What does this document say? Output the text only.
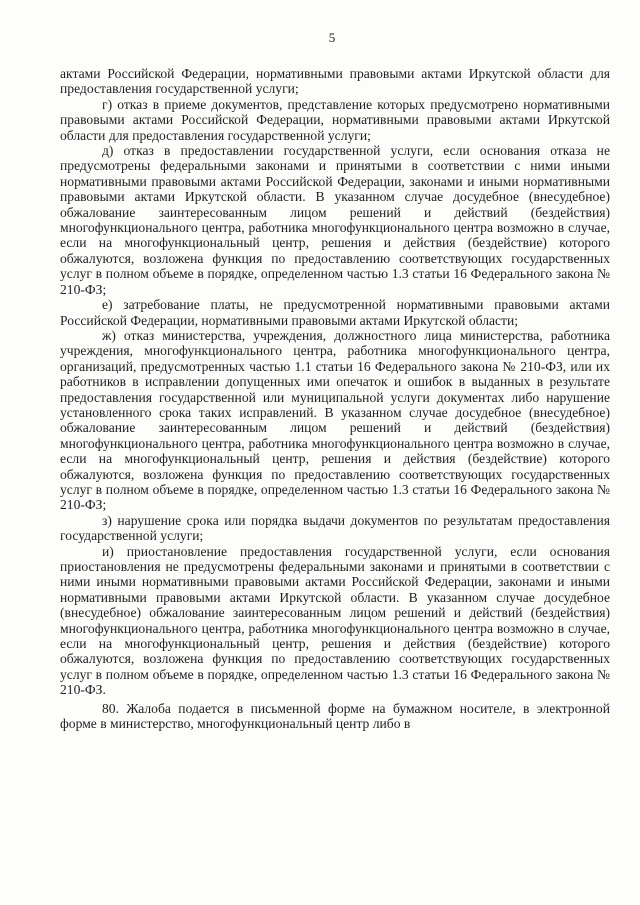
5

актами Российской Федерации, нормативными правовыми актами Иркутской области для предоставления государственной услуги;

г) отказ в приеме документов, представление которых предусмотрено нормативными правовыми актами Российской Федерации, нормативными правовыми актами Иркутской области для предоставления государственной услуги;

д) отказ в предоставлении государственной услуги, если основания отказа не предусмотрены федеральными законами и принятыми в соответствии с ними иными нормативными правовыми актами Российской Федерации, законами и иными нормативными правовыми актами Иркутской области. В указанном случае досудебное (внесудебное) обжалование заинтересованным лицом решений и действий (бездействия) многофункционального центра, работника многофункционального центра возможно в случае, если на многофункциональный центр, решения и действия (бездействие) которого обжалуются, возложена функция по предоставлению соответствующих государственных услуг в полном объеме в порядке, определенном частью 1.3 статьи 16 Федерального закона № 210-ФЗ;

е) затребование платы, не предусмотренной нормативными правовыми актами Российской Федерации, нормативными правовыми актами Иркутской области;

ж) отказ министерства, учреждения, должностного лица министерства, работника учреждения, многофункционального центра, работника многофункционального центра, организаций, предусмотренных частью 1.1 статьи 16 Федерального закона № 210-ФЗ, или их работников в исправлении допущенных ими опечаток и ошибок в выданных в результате предоставления государственной или муниципальной услуги документах либо нарушение установленного срока таких исправлений. В указанном случае досудебное (внесудебное) обжалование заинтересованным лицом решений и действий (бездействия) многофункционального центра, работника многофункционального центра возможно в случае, если на многофункциональный центр, решения и действия (бездействие) которого обжалуются, возложена функция по предоставлению соответствующих государственных услуг в полном объеме в порядке, определенном частью 1.3 статьи 16 Федерального закона № 210-ФЗ;

з) нарушение срока или порядка выдачи документов по результатам предоставления государственной услуги;

и) приостановление предоставления государственной услуги, если основания приостановления не предусмотрены федеральными законами и принятыми в соответствии с ними иными нормативными правовыми актами Российской Федерации, законами и иными нормативными правовыми актами Иркутской области. В указанном случае досудебное (внесудебное) обжалование заинтересованным лицом решений и действий (бездействия) многофункционального центра, работника многофункционального центра возможно в случае, если на многофункциональный центр, решения и действия (бездействие) которого обжалуются, возложена функция по предоставлению соответствующих государственных услуг в полном объеме в порядке, определенном частью 1.3 статьи 16 Федерального закона № 210-ФЗ.

80. Жалоба подается в письменной форме на бумажном носителе, в электронной форме в министерство, многофункциональный центр либо в
